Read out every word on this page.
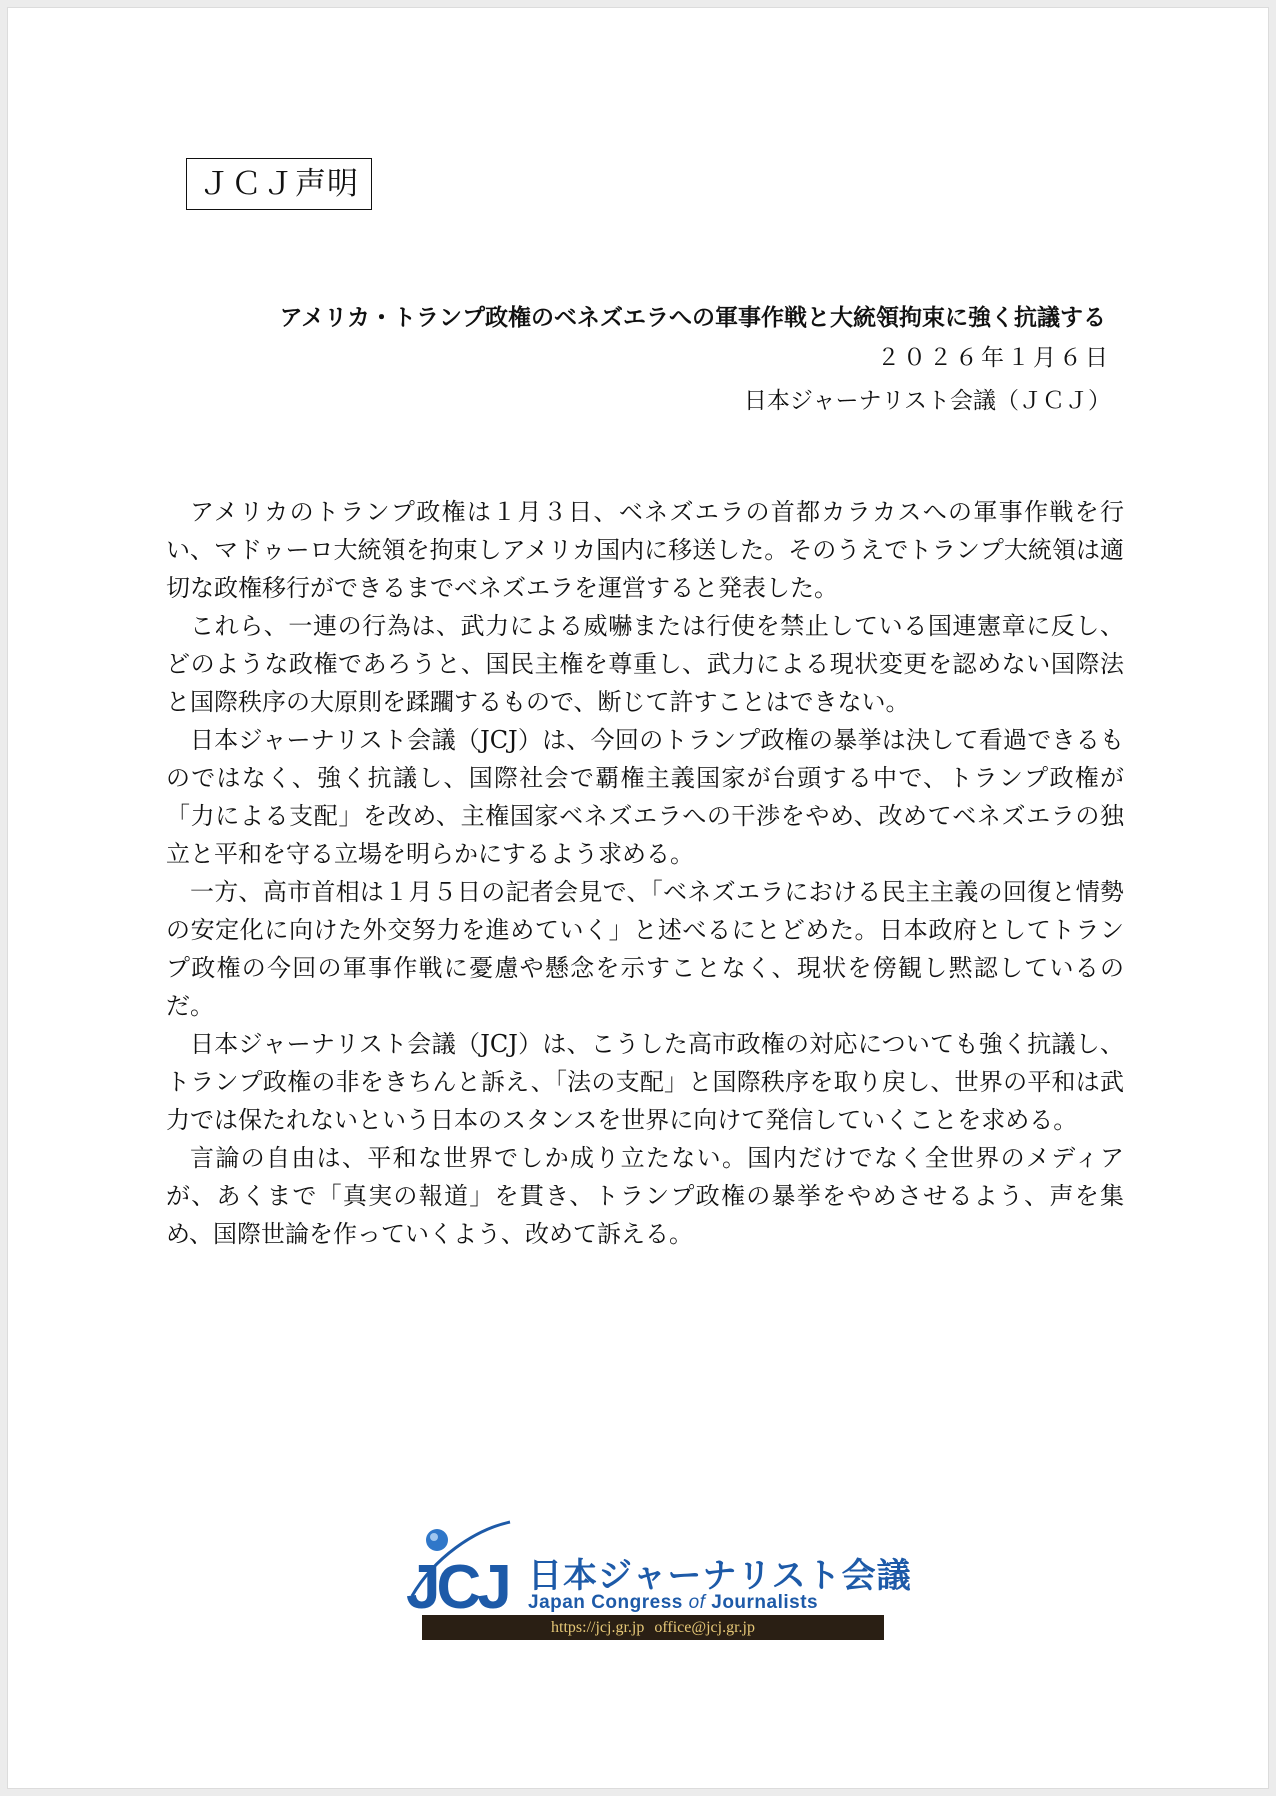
ＪＣＪ声明
アメリカ・トランプ政権のベネズエラへの軍事作戦と大統領拘束に強く抗議する
２０２６年１月６日
日本ジャーナリスト会議（ＪＣＪ）

アメリカのトランプ政権は１月３日、ベネズエラの首都カラカスへの軍事作戦を行い、マドゥーロ大統領を拘束しアメリカ国内に移送した。そのうえでトランプ大統領は適切な政権移行ができるまでベネズエラを運営すると発表した。

これら、一連の行為は、武力による威嚇または行使を禁止している国連憲章に反し、どのような政権であろうと、国民主権を尊重し、武力による現状変更を認めない国際法と国際秩序の大原則を蹂躙するもので、断じて許すことはできない。

日本ジャーナリスト会議（JCJ）は、今回のトランプ政権の暴挙は決して看過できるものではなく、強く抗議し、国際社会で覇権主義国家が台頭する中で、トランプ政権が「力による支配」を改め、主権国家ベネズエラへの干渉をやめ、改めてベネズエラの独立と平和を守る立場を明らかにするよう求める。

一方、高市首相は１月５日の記者会見で、「ベネズエラにおける民主主義の回復と情勢の安定化に向けた外交努力を進めていく」と述べるにとどめた。日本政府としてトランプ政権の今回の軍事作戦に憂慮や懸念を示すことなく、現状を傍観し黙認しているのだ。

日本ジャーナリスト会議（JCJ）は、こうした高市政権の対応についても強く抗議し、トランプ政権の非をきちんと訴え、「法の支配」と国際秩序を取り戻し、世界の平和は武力では保たれないという日本のスタンスを世界に向けて発信していくことを求める。

言論の自由は、平和な世界でしか成り立たない。国内だけでなく全世界のメディアが、あくまで「真実の報道」を貫き、トランプ政権の暴挙をやめさせるよう、声を集め、国際世論を作っていくよう、改めて訴える。

JCJ 日本ジャーナリスト会議
Japan Congress of Journalists
https://jcj.gr.jp office@jcj.gr.jp
